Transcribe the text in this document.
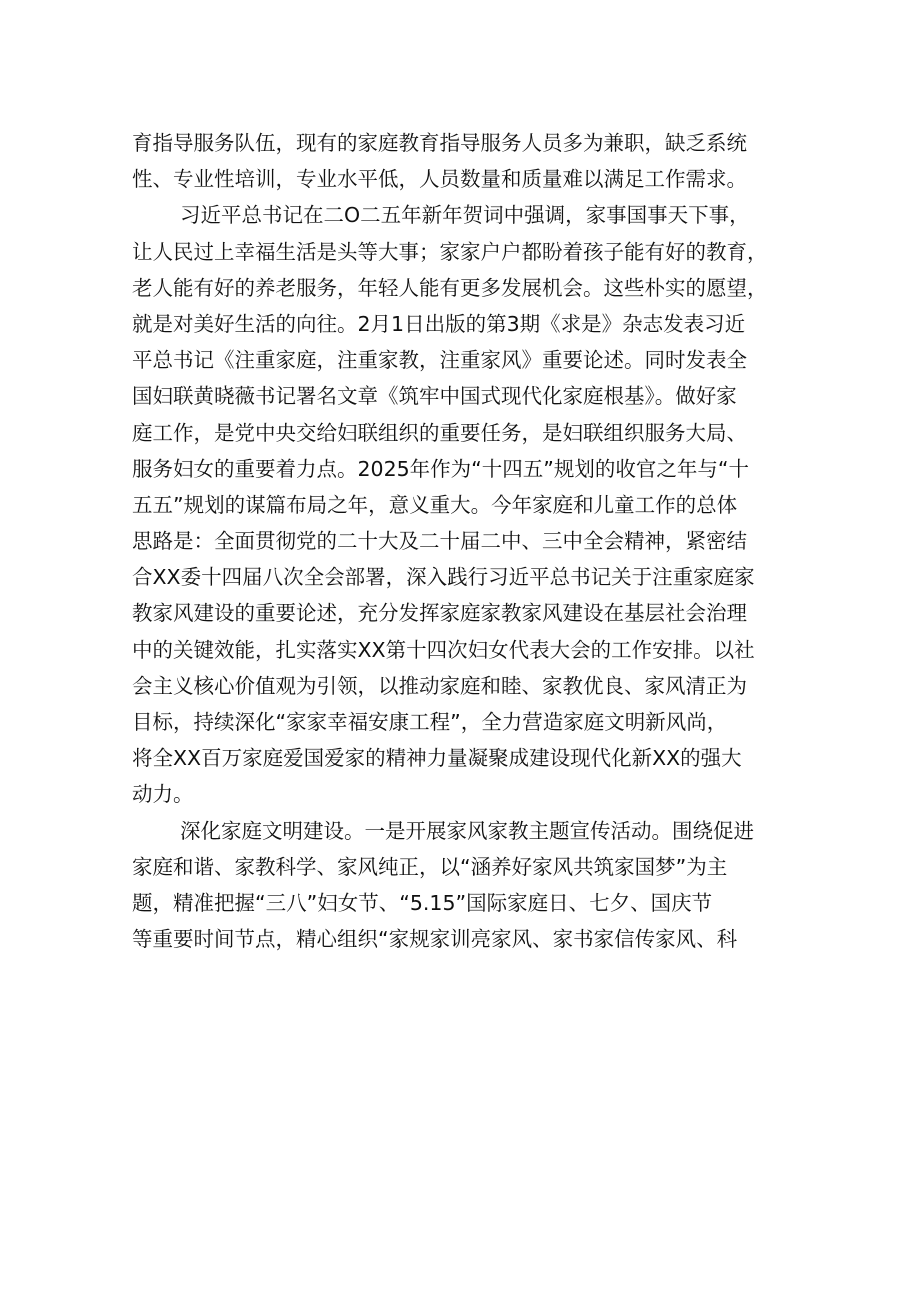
育指导服务队伍，现有的家庭教育指导服务人员多为兼职，缺乏系统
性、专业性培训，专业水平低，人员数量和质量难以满足工作需求。
习近平总书记在二O二五年新年贺词中强调，家事国事天下事，
让人民过上幸福生活是头等大事；家家户户都盼着孩子能有好的教育，
老人能有好的养老服务，年轻人能有更多发展机会。这些朴实的愿望，
就是对美好生活的向往。2月1日出版的第3期《求是》杂志发表习近
平总书记《注重家庭，注重家教，注重家风》重要论述。同时发表全
国妇联黄晓薇书记署名文章《筑牢中国式现代化家庭根基》。做好家
庭工作，是党中央交给妇联组织的重要任务，是妇联组织服务大局、
服务妇女的重要着力点。2025年作为“十四五”规划的收官之年与“十
五五”规划的谋篇布局之年，意义重大。今年家庭和儿童工作的总体
思路是：全面贯彻党的二十大及二十届二中、三中全会精神，紧密结
合XX委十四届八次全会部署，深入践行习近平总书记关于注重家庭家
教家风建设的重要论述，充分发挥家庭家教家风建设在基层社会治理
中的关键效能，扎实落实XX第十四次妇女代表大会的工作安排。以社
会主义核心价值观为引领，以推动家庭和睦、家教优良、家风清正为
目标，持续深化“家家幸福安康工程”，全力营造家庭文明新风尚，
将全XX百万家庭爱国爱家的精神力量凝聚成建设现代化新XX的强大
动力。
深化家庭文明建设。一是开展家风家教主题宣传活动。围绕促进
家庭和谐、家教科学、家风纯正，以“涵养好家风共筑家国梦”为主
题，精准把握“三八”妇女节、“5.15”国际家庭日、七夕、国庆节
等重要时间节点，精心组织“家规家训亮家风、家书家信传家风、科
